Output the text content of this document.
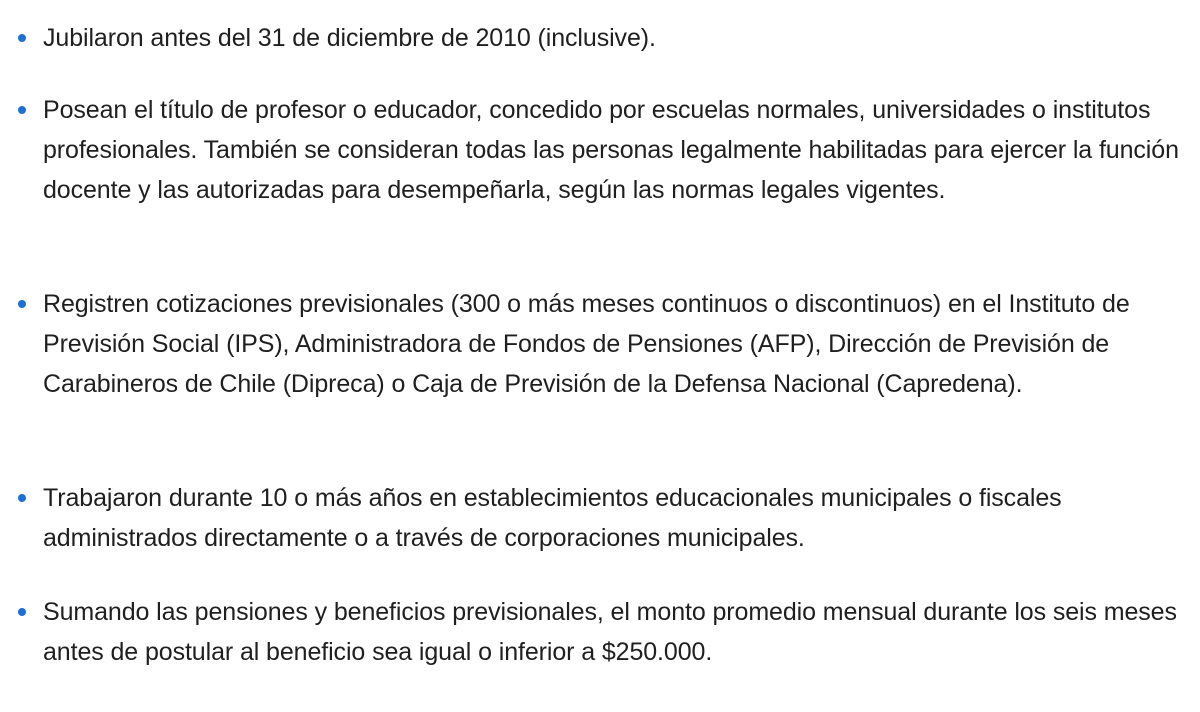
Jubilaron antes del 31 de diciembre de 2010 (inclusive).
Posean el título de profesor o educador, concedido por escuelas normales, universidades o institutos profesionales. También se consideran todas las personas legalmente habilitadas para ejercer la función docente y las autorizadas para desempeñarla, según las normas legales vigentes.
Registren cotizaciones previsionales (300 o más meses continuos o discontinuos) en el Instituto de Previsión Social (IPS), Administradora de Fondos de Pensiones (AFP), Dirección de Previsión de Carabineros de Chile (Dipreca) o Caja de Previsión de la Defensa Nacional (Capredena).
Trabajaron durante 10 o más años en establecimientos educacionales municipales o fiscales administrados directamente o a través de corporaciones municipales.
Sumando las pensiones y beneficios previsionales, el monto promedio mensual durante los seis meses antes de postular al beneficio sea igual o inferior a $250.000.
